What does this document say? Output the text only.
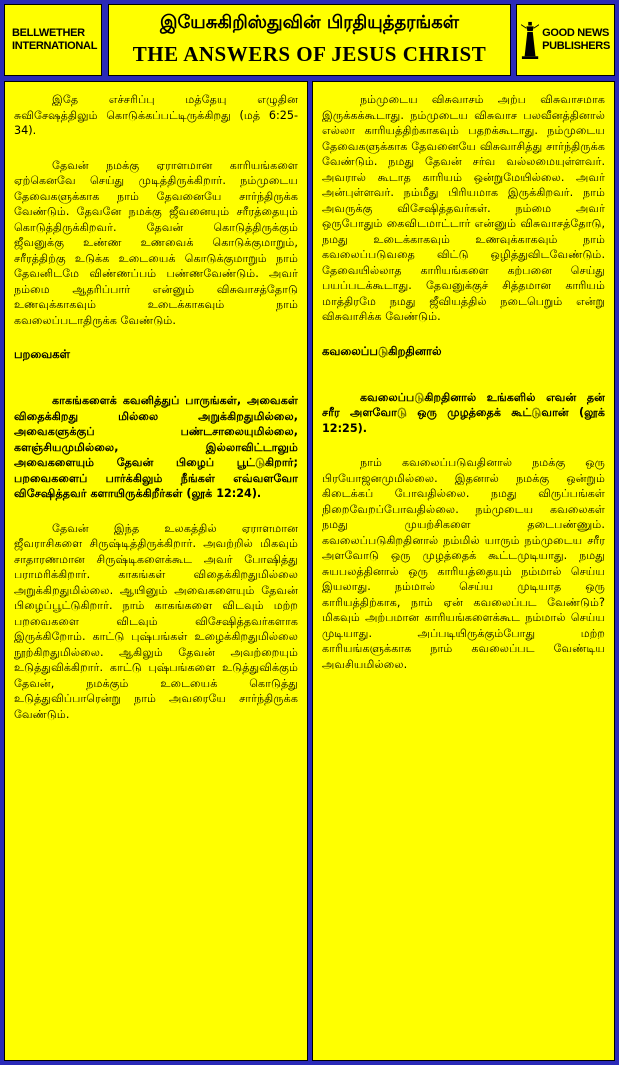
BELLWETHER
INTERNATIONAL
இயேசுகிறிஸ்துவின் பிரதியுத்தரங்கள்
THE ANSWERS OF JESUS CHRIST
GOOD NEWS
PUBLISHERS

இதே எச்சரிப்பு மத்தேயு எழுதின சுவிசேஷத்திலும் கொடுக்கப்பட்டிருக்கிறது (மத் 6:25-34).

தேவன் நமக்கு ஏராளமான காரியங்களை ஏற்கெனவே செய்து முடித்திருக்கிறார். நம்முடைய தேவைகளுக்காக நாம் தேவனையே சார்ந்திருக்க வேண்டும். தேவனே நமக்கு ஜீவனையும் சரீரத்தையும் கொடுத்திருக்கிறவர். தேவன் கொடுத்திருக்கும் ஜீவனுக்கு உண்ண உணவைக் கொடுக்குமாறும், சரீரத்திற்கு உடுக்க உடையைக் கொடுக்குமாறும் நாம் தேவனிடமே விண்ணப்பம் பண்ணவேண்டும். அவர் நம்மை ஆதரிப்பார் என்னும் விசுவாசத்தோடு உணவுக்காகவும் உடைக்காகவும் நாம் கவலைப்படாதிருக்க வேண்டும்.

பறவைகள்

காகங்களைக் கவனித்துப் பாருங்கள், அவைகள் விதைக்கிறது மில்லை அறுக்கிறதுமில்லை, அவைகளுக்குப் பண்டசாலையுமில்லை, களஞ்சியமுமில்லை, இல்லாவிட்டாலும் அவைகளையும் தேவன் பிழைப் பூட்டுகிறார்; பறவைகளைப் பார்க்கிலும் நீங்கள் எவ்வளவோ விசேஷித்தவர் களாயிருக்கிறீர்கள் (லூக் 12:24).

தேவன் இந்த உலகத்தில் ஏராளமான ஜீவராசிகளை சிருஷ்டித்திருக்கிறார். அவற்றில் மிகவும் சாதாரணமான சிருஷ்டிகளைக்கூட அவர் போஷித்து பராமரிக்கிறார். காகங்கள் விதைக்கிறதுமில்லை அறுக்கிறதுமில்லை. ஆயினும் அவைகளையும் தேவன் பிழைப்பூட்டுகிறார். நாம் காகங்களை விடவும் மற்ற பறவைகளை விடவும் விசேஷித்தவர்களாக இருக்கிறோம். காட்டு புஷ்பங்கள் உழைக்கிறதுமில்லை நூற்கிறதுமில்லை. ஆகிலும் தேவன் அவற்றையும் உடுத்துவிக்கிறார். காட்டு புஷ்பங்களை உடுத்துவிக்கும் தேவன், நமக்கும் உடையைக் கொடுத்து உடுத்துவிப்பாரென்று நாம் அவரையே சார்ந்திருக்க வேண்டும்.

நம்முடைய விசுவாசம் அற்ப விசுவாசமாக இருக்கக்கூடாது. நம்முடைய விசுவாச பலவீனத்தினால் எல்லா காரியத்திற்காகவும் பதறக்கூடாது. நம்முடைய தேவைகளுக்காக தேவனையே விசுவாசித்து சார்ந்திருக்க வேண்டும். நமது தேவன் சர்வ வல்லமையுள்ளவர். அவரால் கூடாத காரியம் ஒன்றுமேயில்லை. அவர் அன்புள்ளவர். நம்மீது பிரியமாக இருக்கிறவர். நாம் அவருக்கு விசேஷித்தவர்கள். நம்மை அவர் ஒருபோதும் கைவிடமாட்டார் என்னும் விசுவாசத்தோடு, நமது உடைக்காகவும் உணவுக்காகவும் நாம் கவலைப்படுவதை விட்டு ஒழித்துவிடவேண்டும். தேவையில்லாத காரியங்களை கற்பனை செய்து பயப்படக்கூடாது. தேவனுக்குச் சித்தமான காரியம் மாத்திரமே நமது ஜீவியத்தில் நடைபெறும் என்று விசுவாசிக்க வேண்டும்.

கவலைப்படுகிறதினால்

கவலைப்படுகிறதினால் உங்களில் எவன் தன் சரீர அளவோடு ஒரு முழத்தைக் கூட்டுவான் (லூக் 12:25).

நாம் கவலைப்படுவதினால் நமக்கு ஒரு பிரயோஜனமுமில்லை. இதனால் நமக்கு ஒன்றும் கிடைக்கப் போவதில்லை. நமது விருப்பங்கள் நிறைவேறப்போவதில்லை. நம்முடைய கவலைகள் நமது முயற்சிகளை தடைபண்ணும். கவலைப்படுகிறதினால் நம்மில் யாரும் நம்முடைய சரீர அளவோடு ஒரு முழத்தைக் கூட்டமுடியாது. நமது சுயபலத்தினால் ஒரு காரியத்தையும் நம்மால் செய்ய இயலாது. நம்மால் செய்ய முடியாத ஒரு காரியத்திற்காக, நாம் ஏன் கவலைப்பட வேண்டும்? மிகவும் அற்பமான காரியங்களைக்கூட நம்மால் செய்ய முடியாது. அப்படியிருக்கும்போது மற்ற காரியங்களுக்காக நாம் கவலைப்பட வேண்டிய அவசியமில்லை.
